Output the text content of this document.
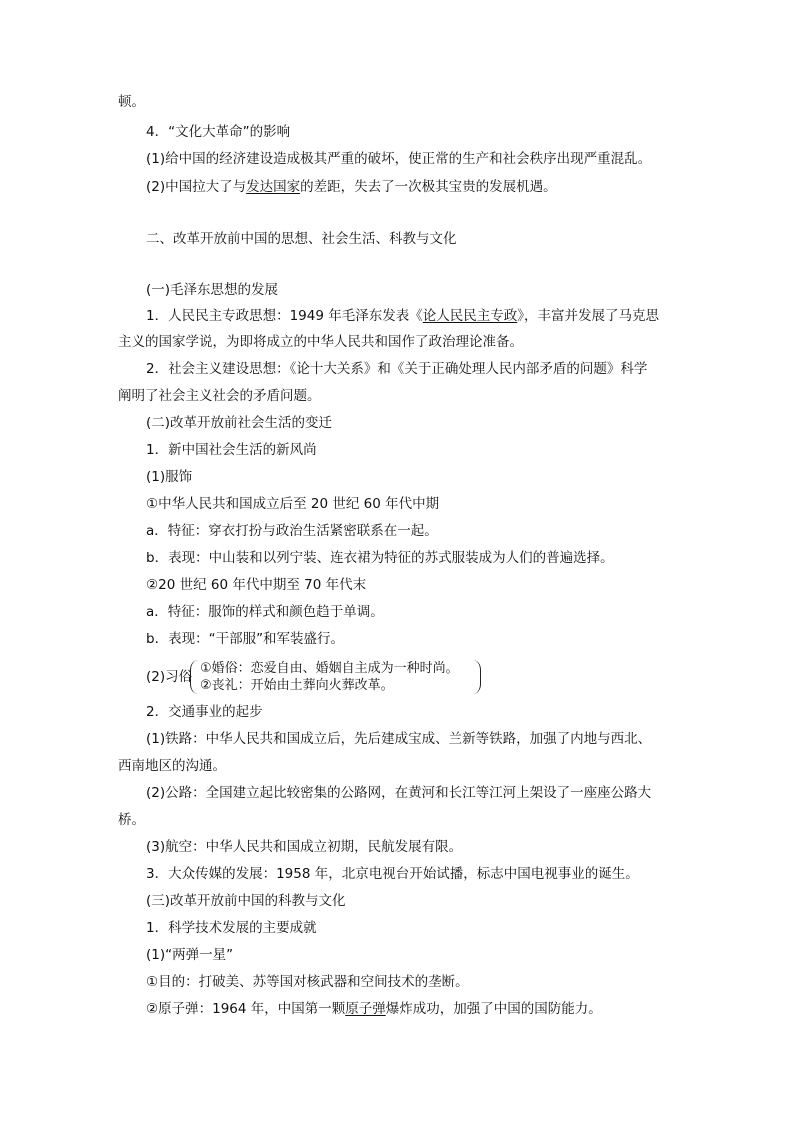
顿。
4．“文化大革命”的影响
(1)给中国的经济建设造成极其严重的破坏，使正常的生产和社会秩序出现严重混乱。
(2)中国拉大了与发达国家的差距，失去了一次极其宝贵的发展机遇。
二、改革开放前中国的思想、社会生活、科教与文化
(一)毛泽东思想的发展
1．人民民主专政思想：1949 年毛泽东发表《论人民民主专政》，丰富并发展了马克思
主义的国家学说，为即将成立的中华人民共和国作了政治理论准备。
2．社会主义建设思想：《论十大关系》和《关于正确处理人民内部矛盾的问题》科学
阐明了社会主义社会的矛盾问题。
(二)改革开放前社会生活的变迁
1．新中国社会生活的新风尚
(1)服饰
①中华人民共和国成立后至 20 世纪 60 年代中期
a．特征：穿衣打扮与政治生活紧密联系在一起。
b．表现：中山装和以列宁装、连衣裙为特征的苏式服装成为人们的普遍选择。
②20 世纪 60 年代中期至 70 年代末
a．特征：服饰的样式和颜色趋于单调。
b．表现：“干部服”和军装盛行。
(2)习俗
①婚俗：恋爱自由、婚姻自主成为一种时尚。
②丧礼：开始由土葬向火葬改革。
2．交通事业的起步
(1)铁路：中华人民共和国成立后，先后建成宝成、兰新等铁路，加强了内地与西北、
西南地区的沟通。
(2)公路：全国建立起比较密集的公路网，在黄河和长江等江河上架设了一座座公路大
桥。
(3)航空：中华人民共和国成立初期，民航发展有限。
3．大众传媒的发展：1958 年，北京电视台开始试播，标志中国电视事业的诞生。
(三)改革开放前中国的科教与文化
1．科学技术发展的主要成就
(1)“两弹一星”
①目的：打破美、苏等国对核武器和空间技术的垄断。
②原子弹：1964 年，中国第一颗原子弹爆炸成功，加强了中国的国防能力。
